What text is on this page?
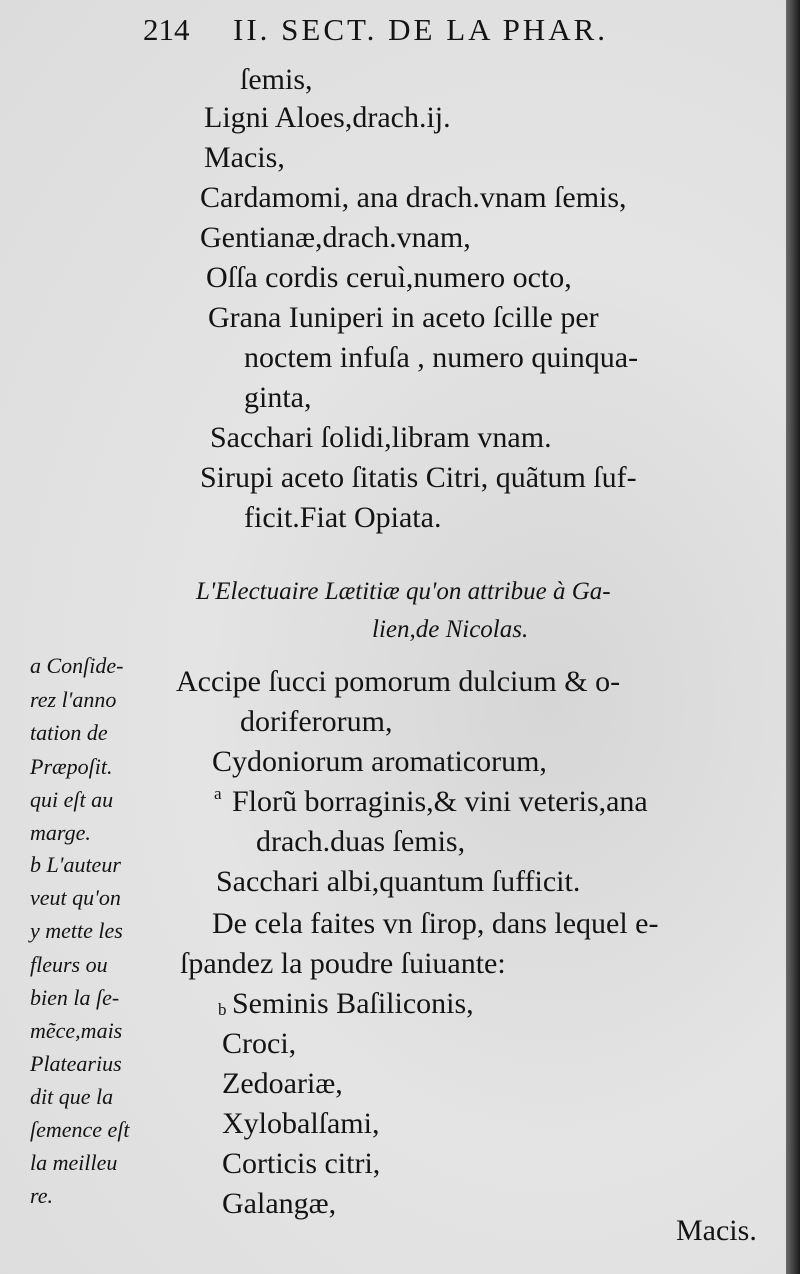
214 II. SECT. DE LA PHAR.
ſemis,
Ligni Aloes,drach.ij.
Macis,
Cardamomi, ana drach.vnam ſemis,
Gentianæ,drach.vnam,
Oſſa cordis ceruì,numero octo,
Grana Iuniperi in aceto ſcille per
noctem infuſa , numero quinqua-
ginta,
Sacchari ſolidi,libram vnam.
Sirupi aceto ſitatis Citri, quãtum ſuf-
ficit.Fiat Opiata.
L'Electuaire Lætitiæ qu'on attribue à Ga-
lien,de Nicolas.
Accipe ſucci pomorum dulcium & o-
doriferorum,
Cydoniorum aromaticorum,
a Florũ borraginis,& vini veteris,ana
drach.duas ſemis,
Sacchari albi,quantum ſufficit.
De cela faites vn ſirop, dans lequel e-
ſpandez la poudre ſuiuante:
b Seminis Baſiliconis,
Croci,
Zedoariæ,
Xylobalſami,
Corticis citri,
Galangæ,
a Conſide-
rez l'anno
tation de
Præpoſit.
qui eſt au
marge.
b L'auteur
veut qu'on
y mette les
fleurs ou
bien la ſe-
mẽce,mais
Platearius
dit que la
ſemence eſt
la meilleu
re.
Macis.
